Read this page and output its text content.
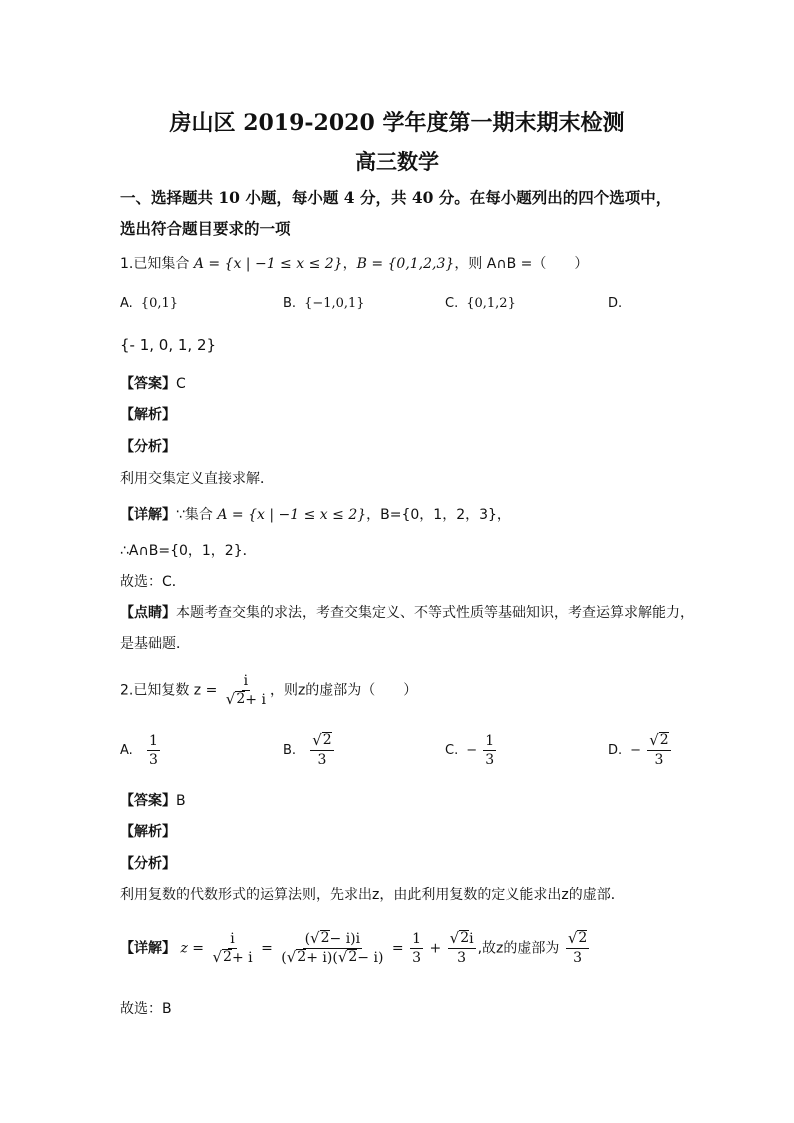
房山区 2019-2020 学年度第一期末期末检测
高三数学
一、选择题共 10 小题，每小题 4 分，共 40 分。在每小题列出的四个选项中，
选出符合题目要求的一项
1.已知集合 A = {x | −1 ≤ x ≤ 2}，B = {0,1,2,3}，则 A∩B =（　　）
A. {0,1}	B. {−1,0,1}	C. {0,1,2}	D.
{- 1, 0, 1, 2}
【答案】C
【解析】
【分析】
利用交集定义直接求解．
【详解】∵集合 A = {x | −1 ≤ x ≤ 2}，B={0，1，2，3}，
∴A∩B={0，1，2}．
故选：C．
【点睛】本题考查交集的求法，考查交集定义、不等式性质等基础知识，考查运算求解能力，
是基础题．
2.已知复数 $z = \frac{i}{√ 2 + i}$ ，则z的虚部为（　　）
A. $\frac{1}{3}$	B. $\frac{√ 2}{3}$	C. − $\frac{1}{3}$	D. − $\frac{√ 2}{3}$
【答案】B
【解析】
【分析】
利用复数的代数形式的运算法则，先求出z，由此利用复数的定义能求出z的虚部．
【详解】 $z = \frac{i}{√ 2 + i} = \frac{( √ 2 - i)i}{( √ 2 + i)( √ 2 - i)} = \frac{1}{3} + \frac{√ 2 i}{3}$ ,故z的虚部为 $\frac{√ 2}{3}$
故选：B
